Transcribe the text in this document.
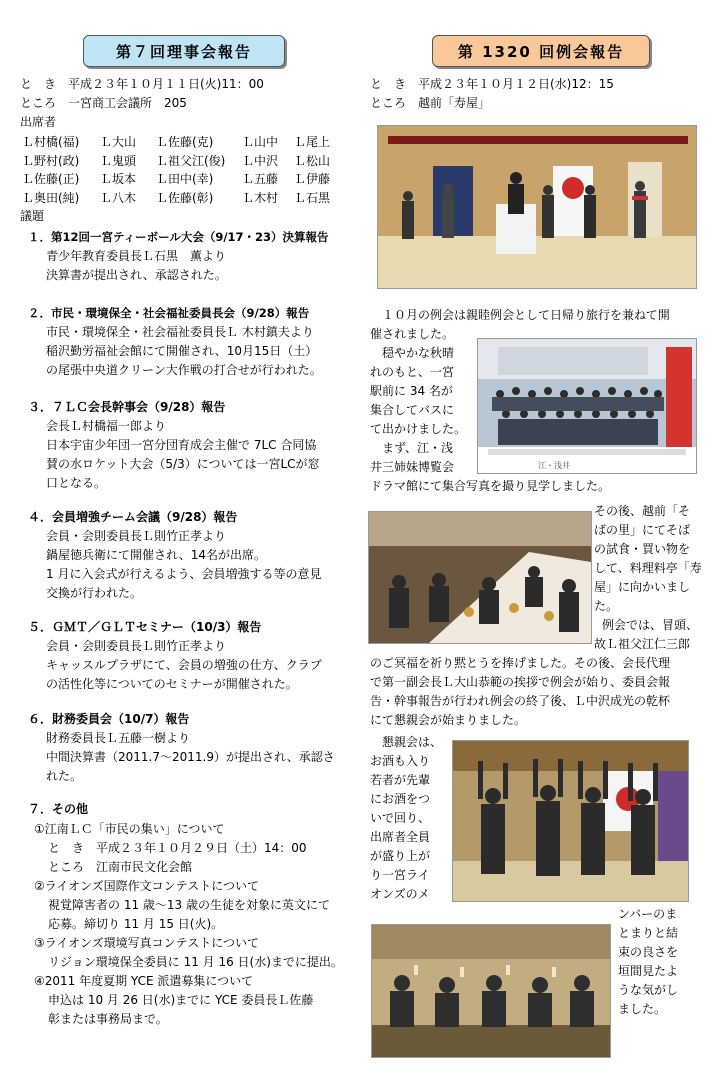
第７回理事会報告
と　き　平成２３年１０月１１日(火)11：00
ところ　一宮商工会議所　205
出席者
Ｌ村橋(福)	Ｌ大山	Ｌ佐藤(克)	Ｌ山中	Ｌ尾上
Ｌ野村(政)	Ｌ鬼頭	Ｌ祖父江(俊)	Ｌ中沢	Ｌ松山
Ｌ佐藤(正)	Ｌ坂本	Ｌ田中(幸)	Ｌ五藤	Ｌ伊藤
Ｌ奥田(純)	Ｌ八木	Ｌ佐藤(彰)	Ｌ木村	Ｌ石黒
議題
１．第12回一宮ティーボール大会（9/17・23）決算報告
青少年教育委員長Ｌ石黒　薫より
決算書が提出され、承認された。
２．市民・環境保全・社会福祉委員長会（9/28）報告
市民・環境保全・社会福祉委員長Ｌ 木村鎮夫より
稲沢勤労福祉会館にて開催され、10月15日（土）
の尾張中央道クリーン大作戦の打合せが行われた。
３．７ＬＣ会長幹事会（9/28）報告
会長Ｌ村橋福一郎より
日本宇宙少年団一宮分団育成会主催で 7LC 合同協
賛の水ロケット大会（5/3）については一宮LCが窓
口となる。
４．会員増強チーム会議（9/28）報告
会員・会則委員長Ｌ則竹正孝より
鍋屋徳兵衛にて開催され、14名が出席。
1 月に入会式が行えるよう、会員増強する等の意見
交換が行われた。
５．ＧＭＴ／ＧＬＴセミナー（10/3）報告
会員・会則委員長Ｌ則竹正孝より
キャッスルプラザにて、会員の増強の仕方、クラブ
の活性化等についてのセミナーが開催された。
６．財務委員会（10/7）報告
財務委員長Ｌ五藤一樹より
中間決算書（2011.7～2011.9）が提出され、承認さ
れた。
７．その他
①江南ＬＣ「市民の集い」について
と　き　平成２３年１０月２９日（土）14：00
ところ　江南市民文化会館
②ライオンズ国際作文コンテストについて
視覚障害者の 11 歳～13 歳の生徒を対象に英文にて
応募。締切り 11 月 15 日(火)。
③ライオンズ環境写真コンテストについて
リジョン環境保全委員に 11 月 16 日(水)までに提出。
④2011 年度夏期 YCE 派遣募集について
申込は 10 月 26 日(水)までに YCE 委員長Ｌ佐藤
彰または事務局まで。
第 1320 回例会報告
と　き　平成２３年１０月１２日(水)12：15
ところ　越前「寿屋」
１０月の例会は親睦例会として日帰り旅行を兼ねて開
催されました。
穏やかな秋晴
れのもと、一宮
駅前に 34 名が
集合してバスに
て出かけました。
まず、江・浅
井三姉妹博覧会
ドラマ館にて集合写真を撮り見学しました。
江・浅井
その後、越前「そ
ばの里」にてそば
の試食・買い物を
して、料理料亭「寿
屋」に向かいまし
た。
例会では、冒頭、
故Ｌ祖父江仁三郎
のご冥福を祈り黙とうを捧げました。その後、会長代理
で第一副会長Ｌ大山恭範の挨拶で例会が始り、委員会報
告・幹事報告が行われ例会の終了後、Ｌ中沢成光の乾杯
にて懇親会が始まりました。
懇親会は、
お酒も入り
若者が先輩
にお酒をつ
いで回り、
出席者全員
が盛り上が
り一宮ライ
オンズのメ
ンバーのま
とまりと結
束の良さを
垣間見たよ
うな気がし
ました。
